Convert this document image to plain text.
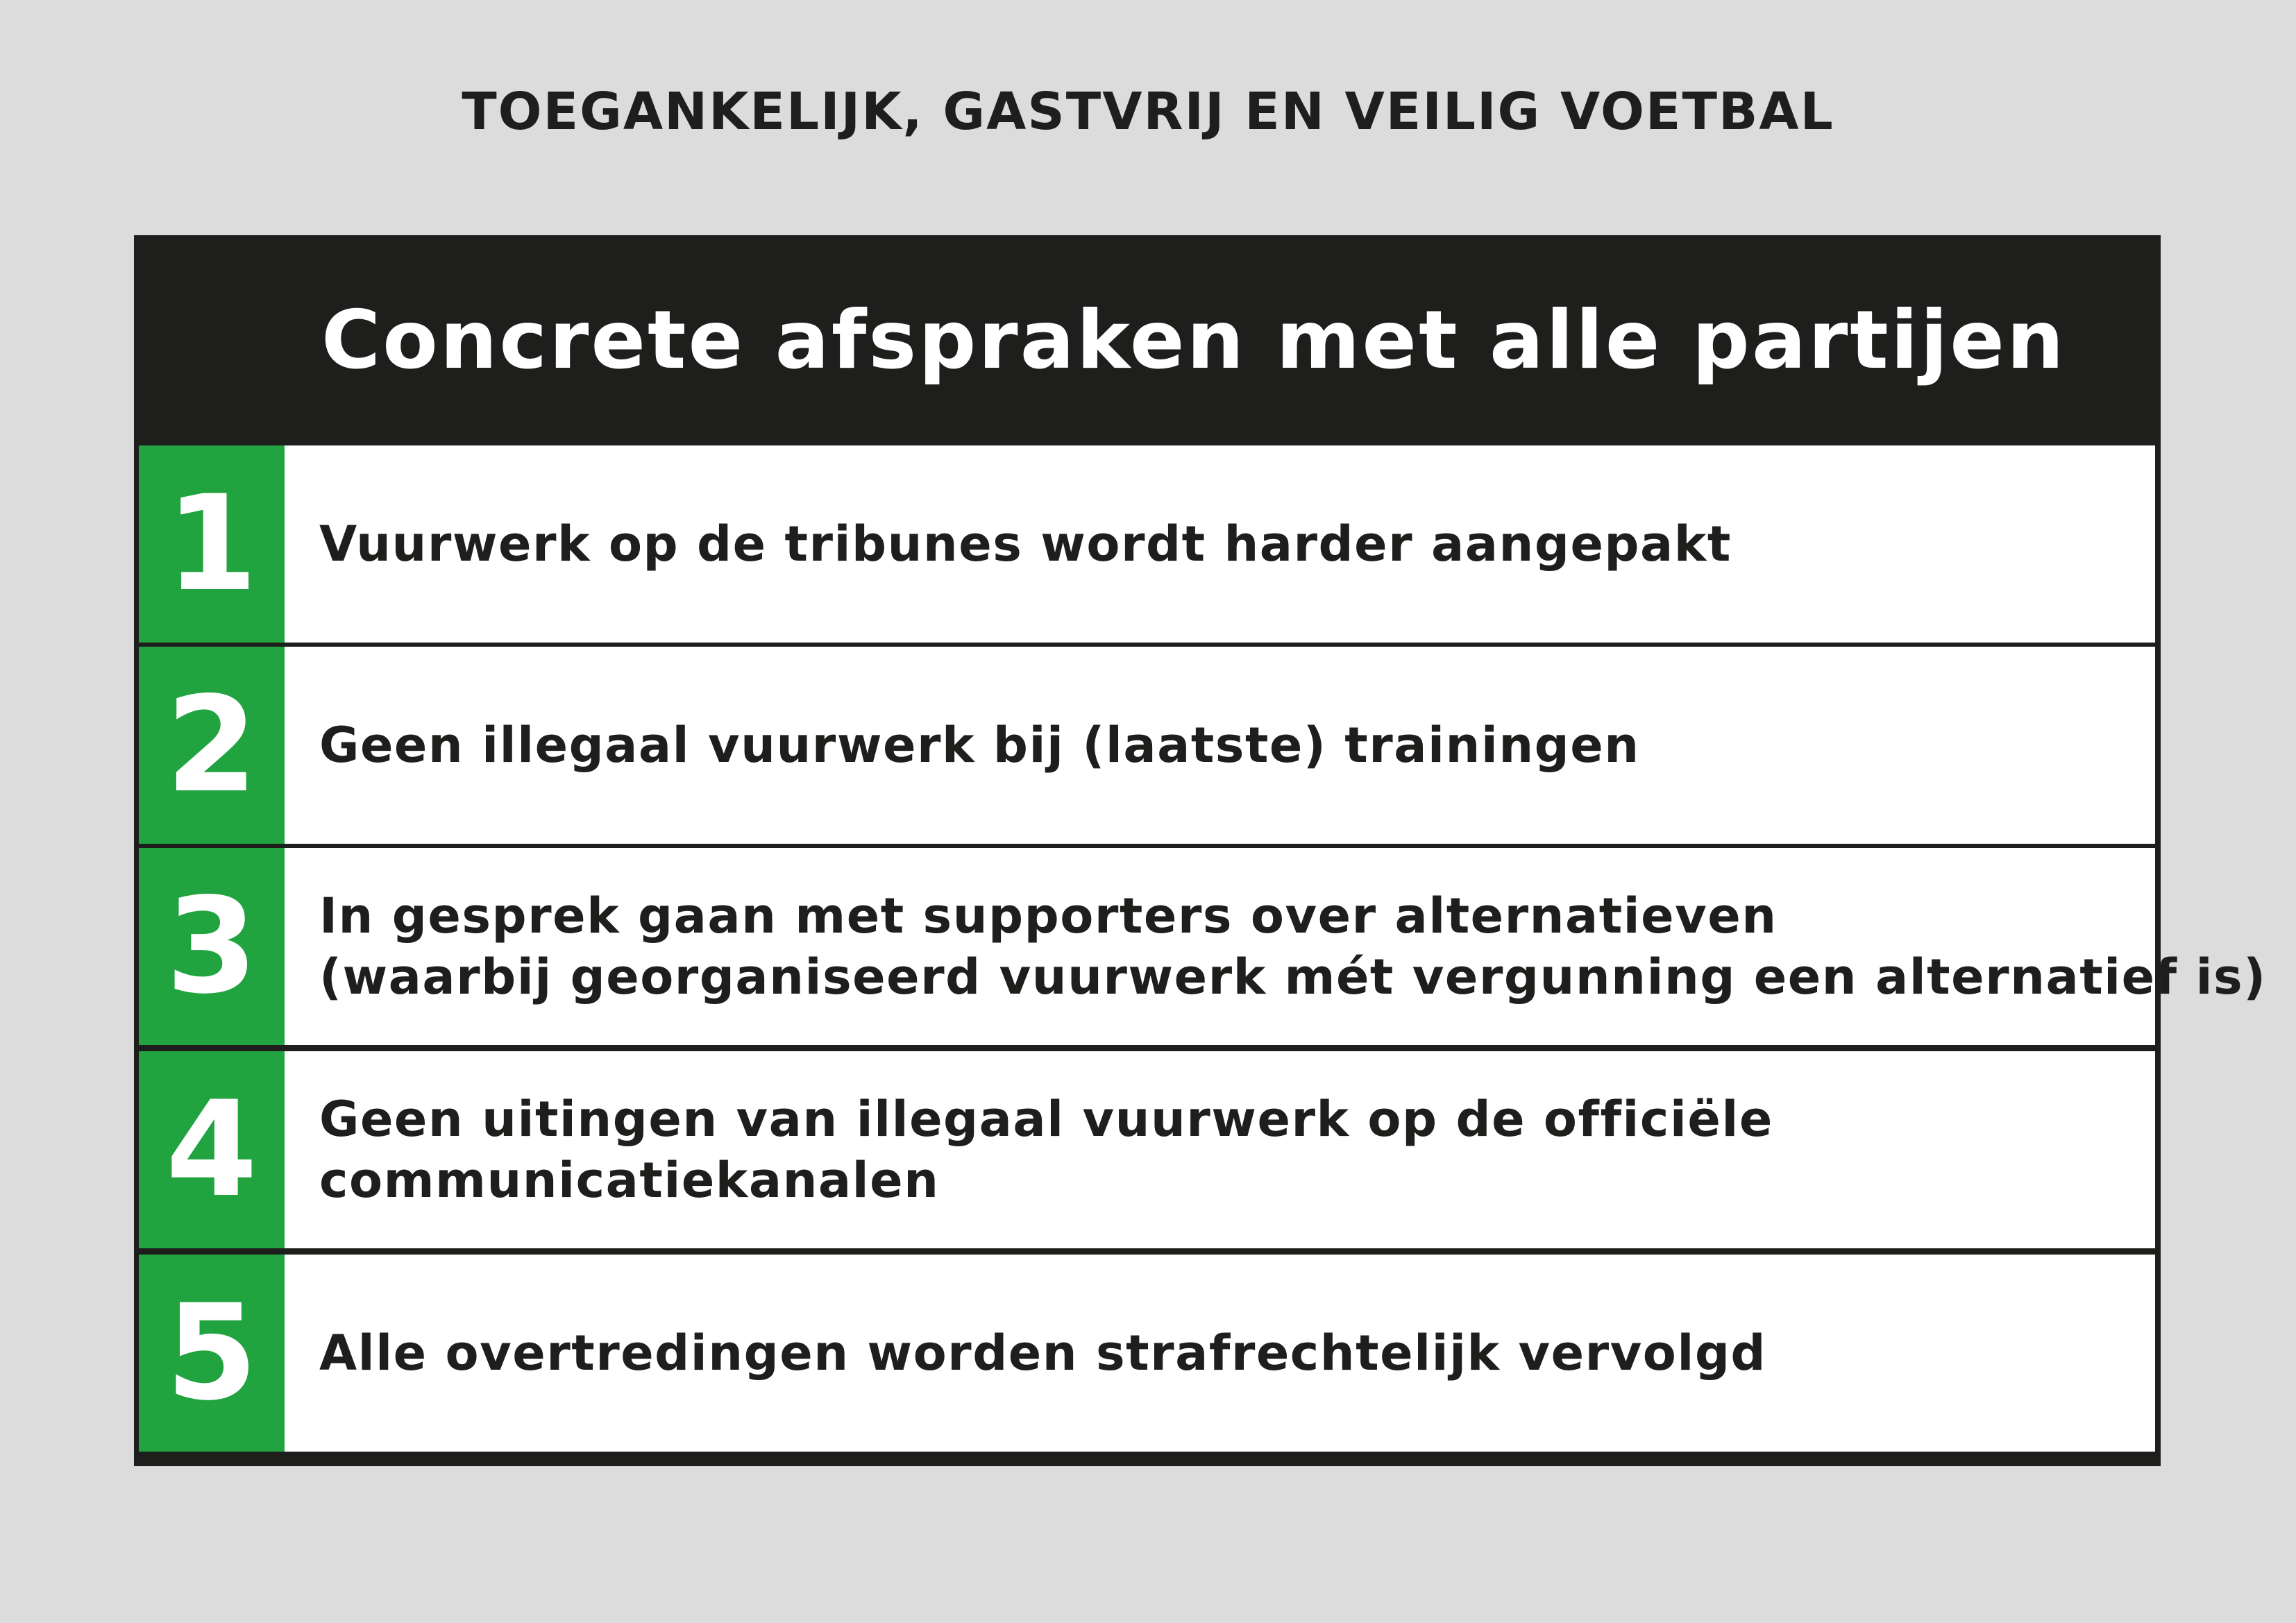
TOEGANKELIJK, GASTVRIJ EN VEILIG VOETBAL
Concrete afspraken met alle partijen
1	Vuurwerk op de tribunes wordt harder aangepakt
2	Geen illegaal vuurwerk bij (laatste) trainingen
3	In gesprek gaan met supporters over alternatieven
(waarbij georganiseerd vuurwerk mét vergunning een alternatief is)
4	Geen uitingen van illegaal vuurwerk op de officiële
communicatiekanalen
5	Alle overtredingen worden strafrechtelijk vervolgd
